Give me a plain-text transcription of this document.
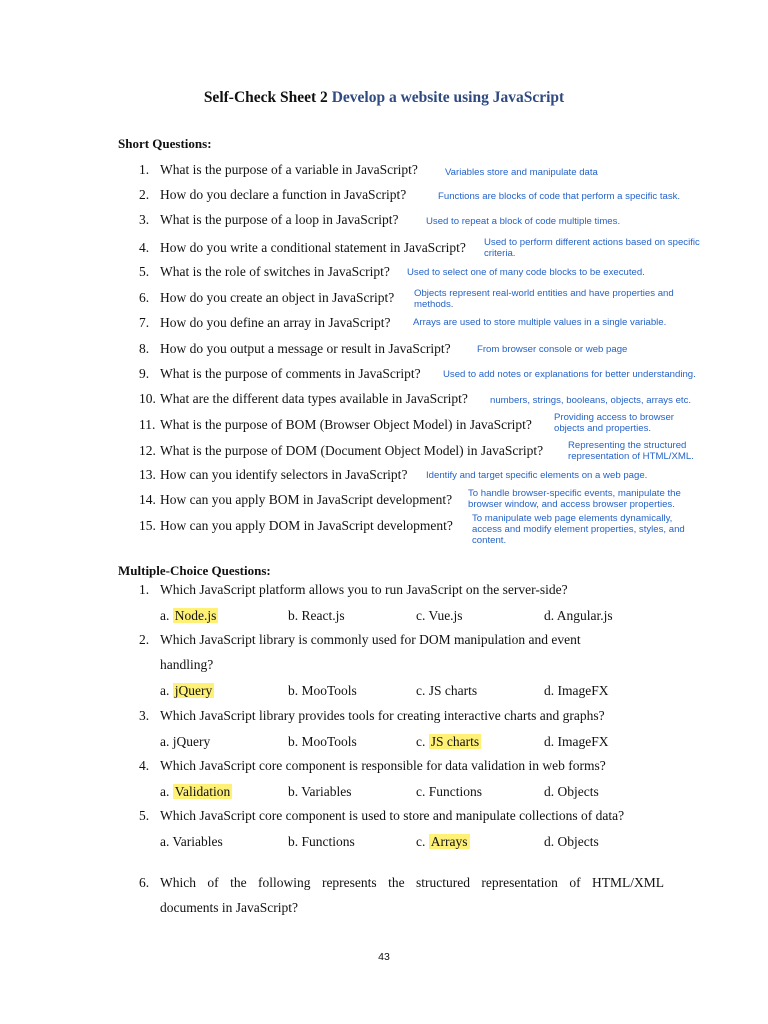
Self-Check Sheet 2 Develop a website using JavaScript
Short Questions:
1. What is the purpose of a variable in JavaScript?	Variables store and manipulate data
2. How do you declare a function in JavaScript?	Functions are blocks of code that perform a specific task.
3. What is the purpose of a loop in JavaScript?	Used to repeat a block of code multiple times.
4. How do you write a conditional statement in JavaScript? Used to perform different actions based on specific
criteria.
5. What is the role of switches in JavaScript? Used to select one of many code blocks to be executed.
6. How do you create an object in JavaScript? Objects represent real-world entities and have properties and
methods.
7. How do you define an array in JavaScript? Arrays are used to store multiple values in a single variable.
8. How do you output a message or result in JavaScript?	From browser console or web page
9. What is the purpose of comments in JavaScript? Used to add notes or explanations for better understanding.
10. What are the different data types available in JavaScript? numbers, strings, booleans, objects, arrays etc.
11. What is the purpose of BOM (Browser Object Model) in JavaScript? Providing access to browser
objects and properties.
12. What is the purpose of DOM (Document Object Model) in JavaScript?	Representing the structured
representation of HTML/XML.
13. How can you identify selectors in JavaScript? Identify and target specific elements on a web page.
14. How can you apply BOM in JavaScript development? To handle browser-specific events, manipulate the
browser window, and access browser properties.
15. How can you apply DOM in JavaScript development? To manipulate web page elements dynamically,
access and modify element properties, styles, and
content.
Multiple-Choice Questions:
1. Which JavaScript platform allows you to run JavaScript on the server-side?
a. Node.js	b. React.js	c. Vue.js	d. Angular.js
2. Which JavaScript library is commonly used for DOM manipulation and event
handling?
a. jQuery	b. MooTools	c. JS charts	d. ImageFX
3. Which JavaScript library provides tools for creating interactive charts and graphs?
a. jQuery	b. MooTools	c. JS charts	d. ImageFX
4. Which JavaScript core component is responsible for data validation in web forms?
a. Validation	b. Variables	c. Functions	d. Objects
5. Which JavaScript core component is used to store and manipulate collections of data?
a. Variables	b. Functions	c. Arrays	d. Objects
6. Which of the following represents the structured representation of HTML/XML
documents in JavaScript?
43
